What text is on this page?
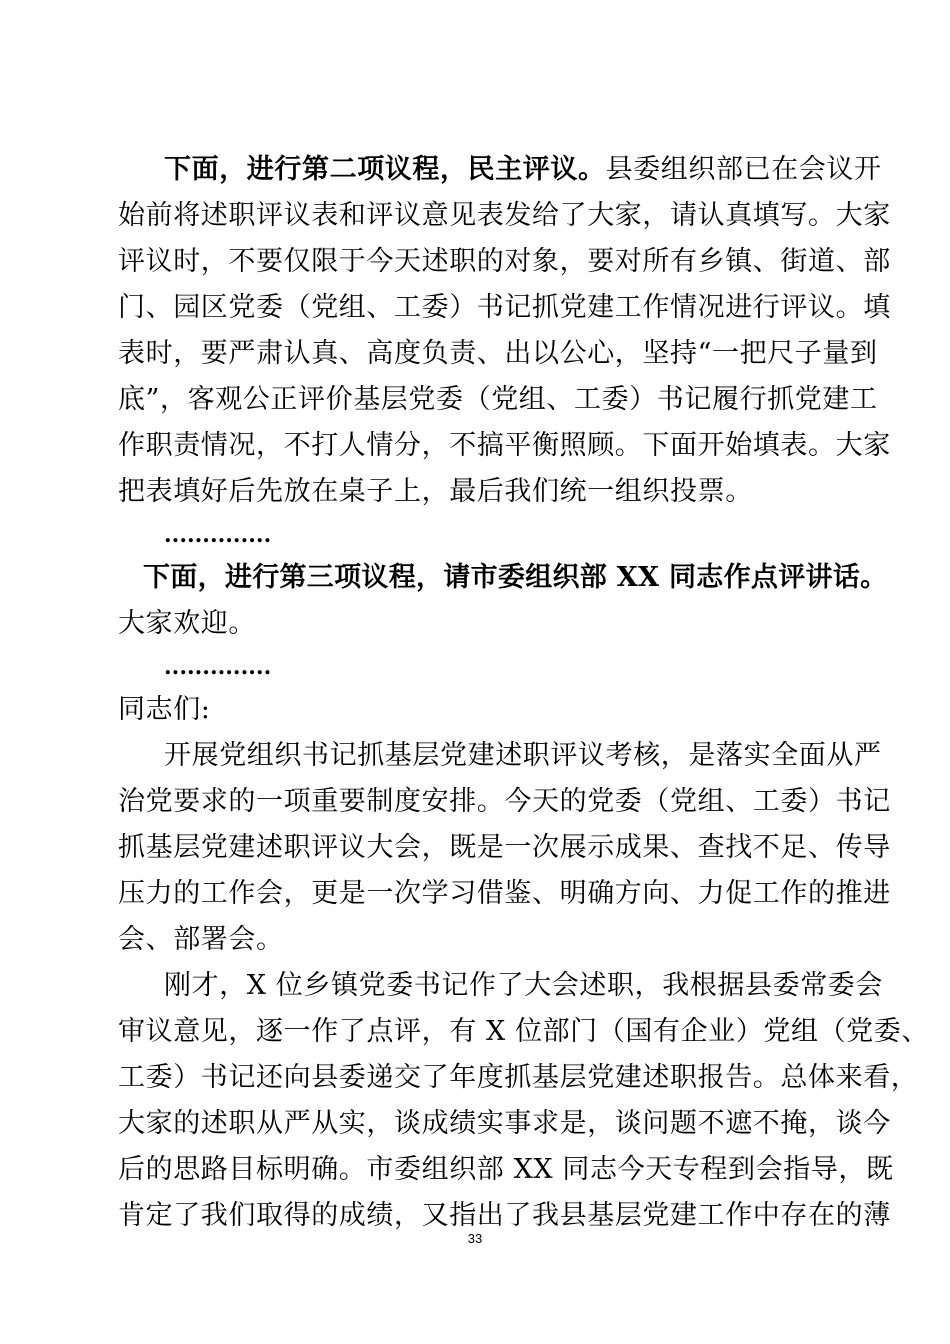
下面，进行第二项议程，民主评议。县委组织部已在会议开
始前将述职评议表和评议意见表发给了大家，请认真填写。大家
评议时，不要仅限于今天述职的对象，要对所有乡镇、街道、部
门、园区党委（党组、工委）书记抓党建工作情况进行评议。填
表时，要严肃认真、高度负责、出以公心，坚持“一把尺子量到
底”，客观公正评价基层党委（党组、工委）书记履行抓党建工
作职责情况，不打人情分，不搞平衡照顾。下面开始填表。大家
把表填好后先放在桌子上，最后我们统一组织投票。
..............
下面，进行第三项议程，请市委组织部 XX 同志作点评讲话。
大家欢迎。
..............
同志们:
开展党组织书记抓基层党建述职评议考核，是落实全面从严
治党要求的一项重要制度安排。今天的党委（党组、工委）书记
抓基层党建述职评议大会，既是一次展示成果、查找不足、传导
压力的工作会，更是一次学习借鉴、明确方向、力促工作的推进
会、部署会。
刚才，X 位乡镇党委书记作了大会述职，我根据县委常委会
审议意见，逐一作了点评，有 X 位部门（国有企业）党组（党委、
工委）书记还向县委递交了年度抓基层党建述职报告。总体来看，
大家的述职从严从实，谈成绩实事求是，谈问题不遮不掩，谈今
后的思路目标明确。市委组织部 XX 同志今天专程到会指导，既
肯定了我们取得的成绩，又指出了我县基层党建工作中存在的薄
33
